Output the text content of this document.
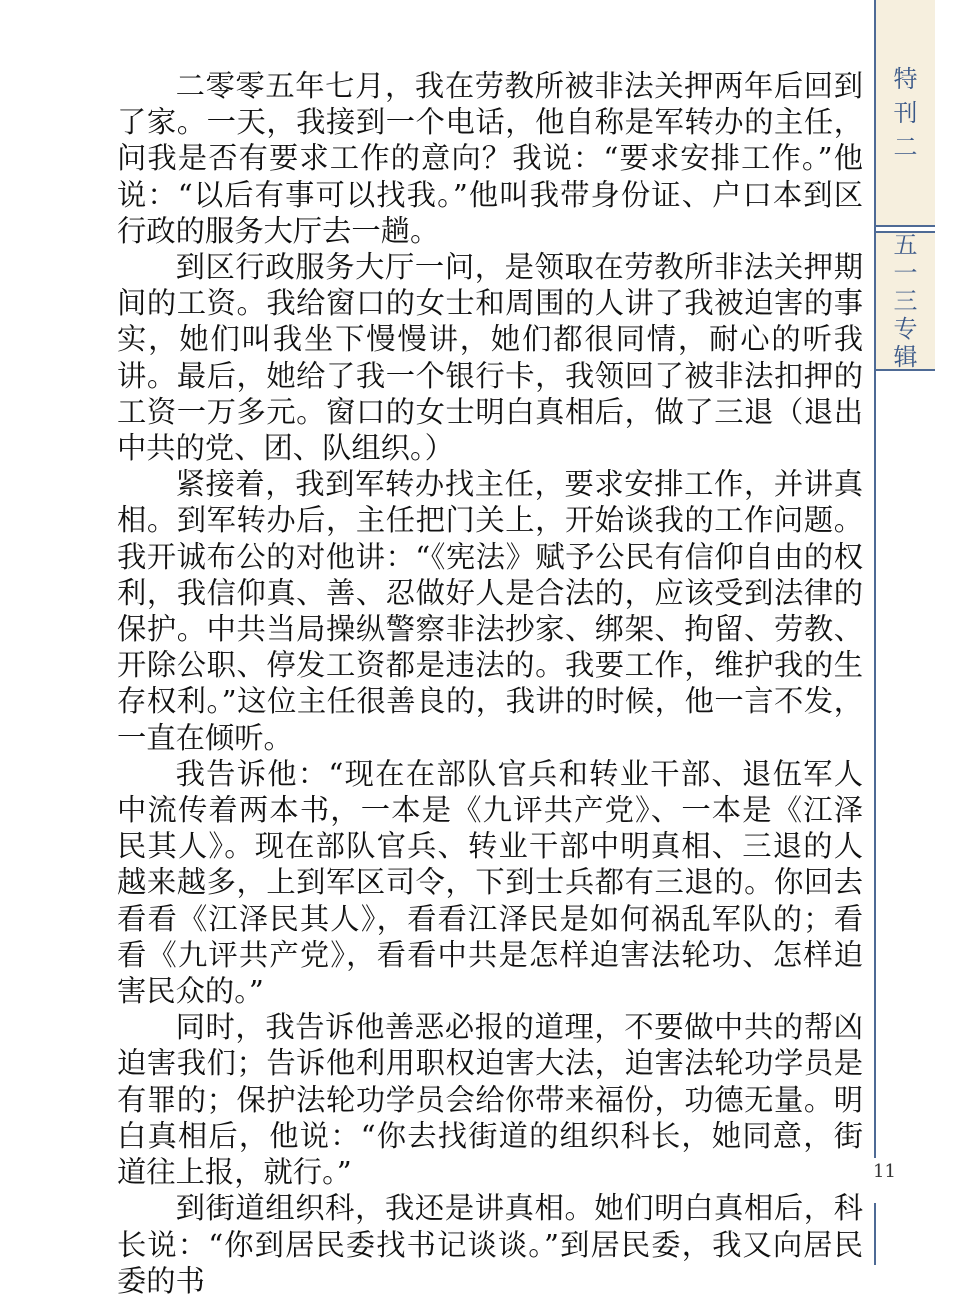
特
刊
二
五
一
三
专
辑

二零零五年七月，我在劳教所被非法关押两年后回到了家。一天，我接到一个电话，他自称是军转办的主任，问我是否有要求工作的意向？我说：“要求安排工作。”他说：“以后有事可以找我。”他叫我带身份证、户口本到区行政的服务大厅去一趟。

到区行政服务大厅一问，是领取在劳教所非法关押期间的工资。我给窗口的女士和周围的人讲了我被迫害的事实，她们叫我坐下慢慢讲，她们都很同情，耐心的听我讲。最后，她给了我一个银行卡，我领回了被非法扣押的工资一万多元。窗口的女士明白真相后，做了三退（退出中共的党、团、队组织。）

紧接着，我到军转办找主任，要求安排工作，并讲真相。到军转办后，主任把门关上，开始谈我的工作问题。我开诚布公的对他讲：“《宪法》赋予公民有信仰自由的权利，我信仰真、善、忍做好人是合法的，应该受到法律的保护。中共当局操纵警察非法抄家、绑架、拘留、劳教、开除公职、停发工资都是违法的。我要工作，维护我的生存权利。”这位主任很善良的，我讲的时候，他一言不发，一直在倾听。

我告诉他：“现在在部队官兵和转业干部、退伍军人中流传着两本书，一本是《九评共产党》、一本是《江泽民其人》。现在部队官兵、转业干部中明真相、三退的人越来越多，上到军区司令，下到士兵都有三退的。你回去看看《江泽民其人》，看看江泽民是如何祸乱军队的；看看《九评共产党》，看看中共是怎样迫害法轮功、怎样迫害民众的。”

同时，我告诉他善恶必报的道理，不要做中共的帮凶迫害我们；告诉他利用职权迫害大法，迫害法轮功学员是有罪的；保护法轮功学员会给你带来福份，功德无量。明白真相后，他说：“你去找街道的组织科长，她同意，街道往上报，就行。”

到街道组织科，我还是讲真相。她们明白真相后，科长说：“你到居民委找书记谈谈。”到居民委，我又向居民委的书

11
